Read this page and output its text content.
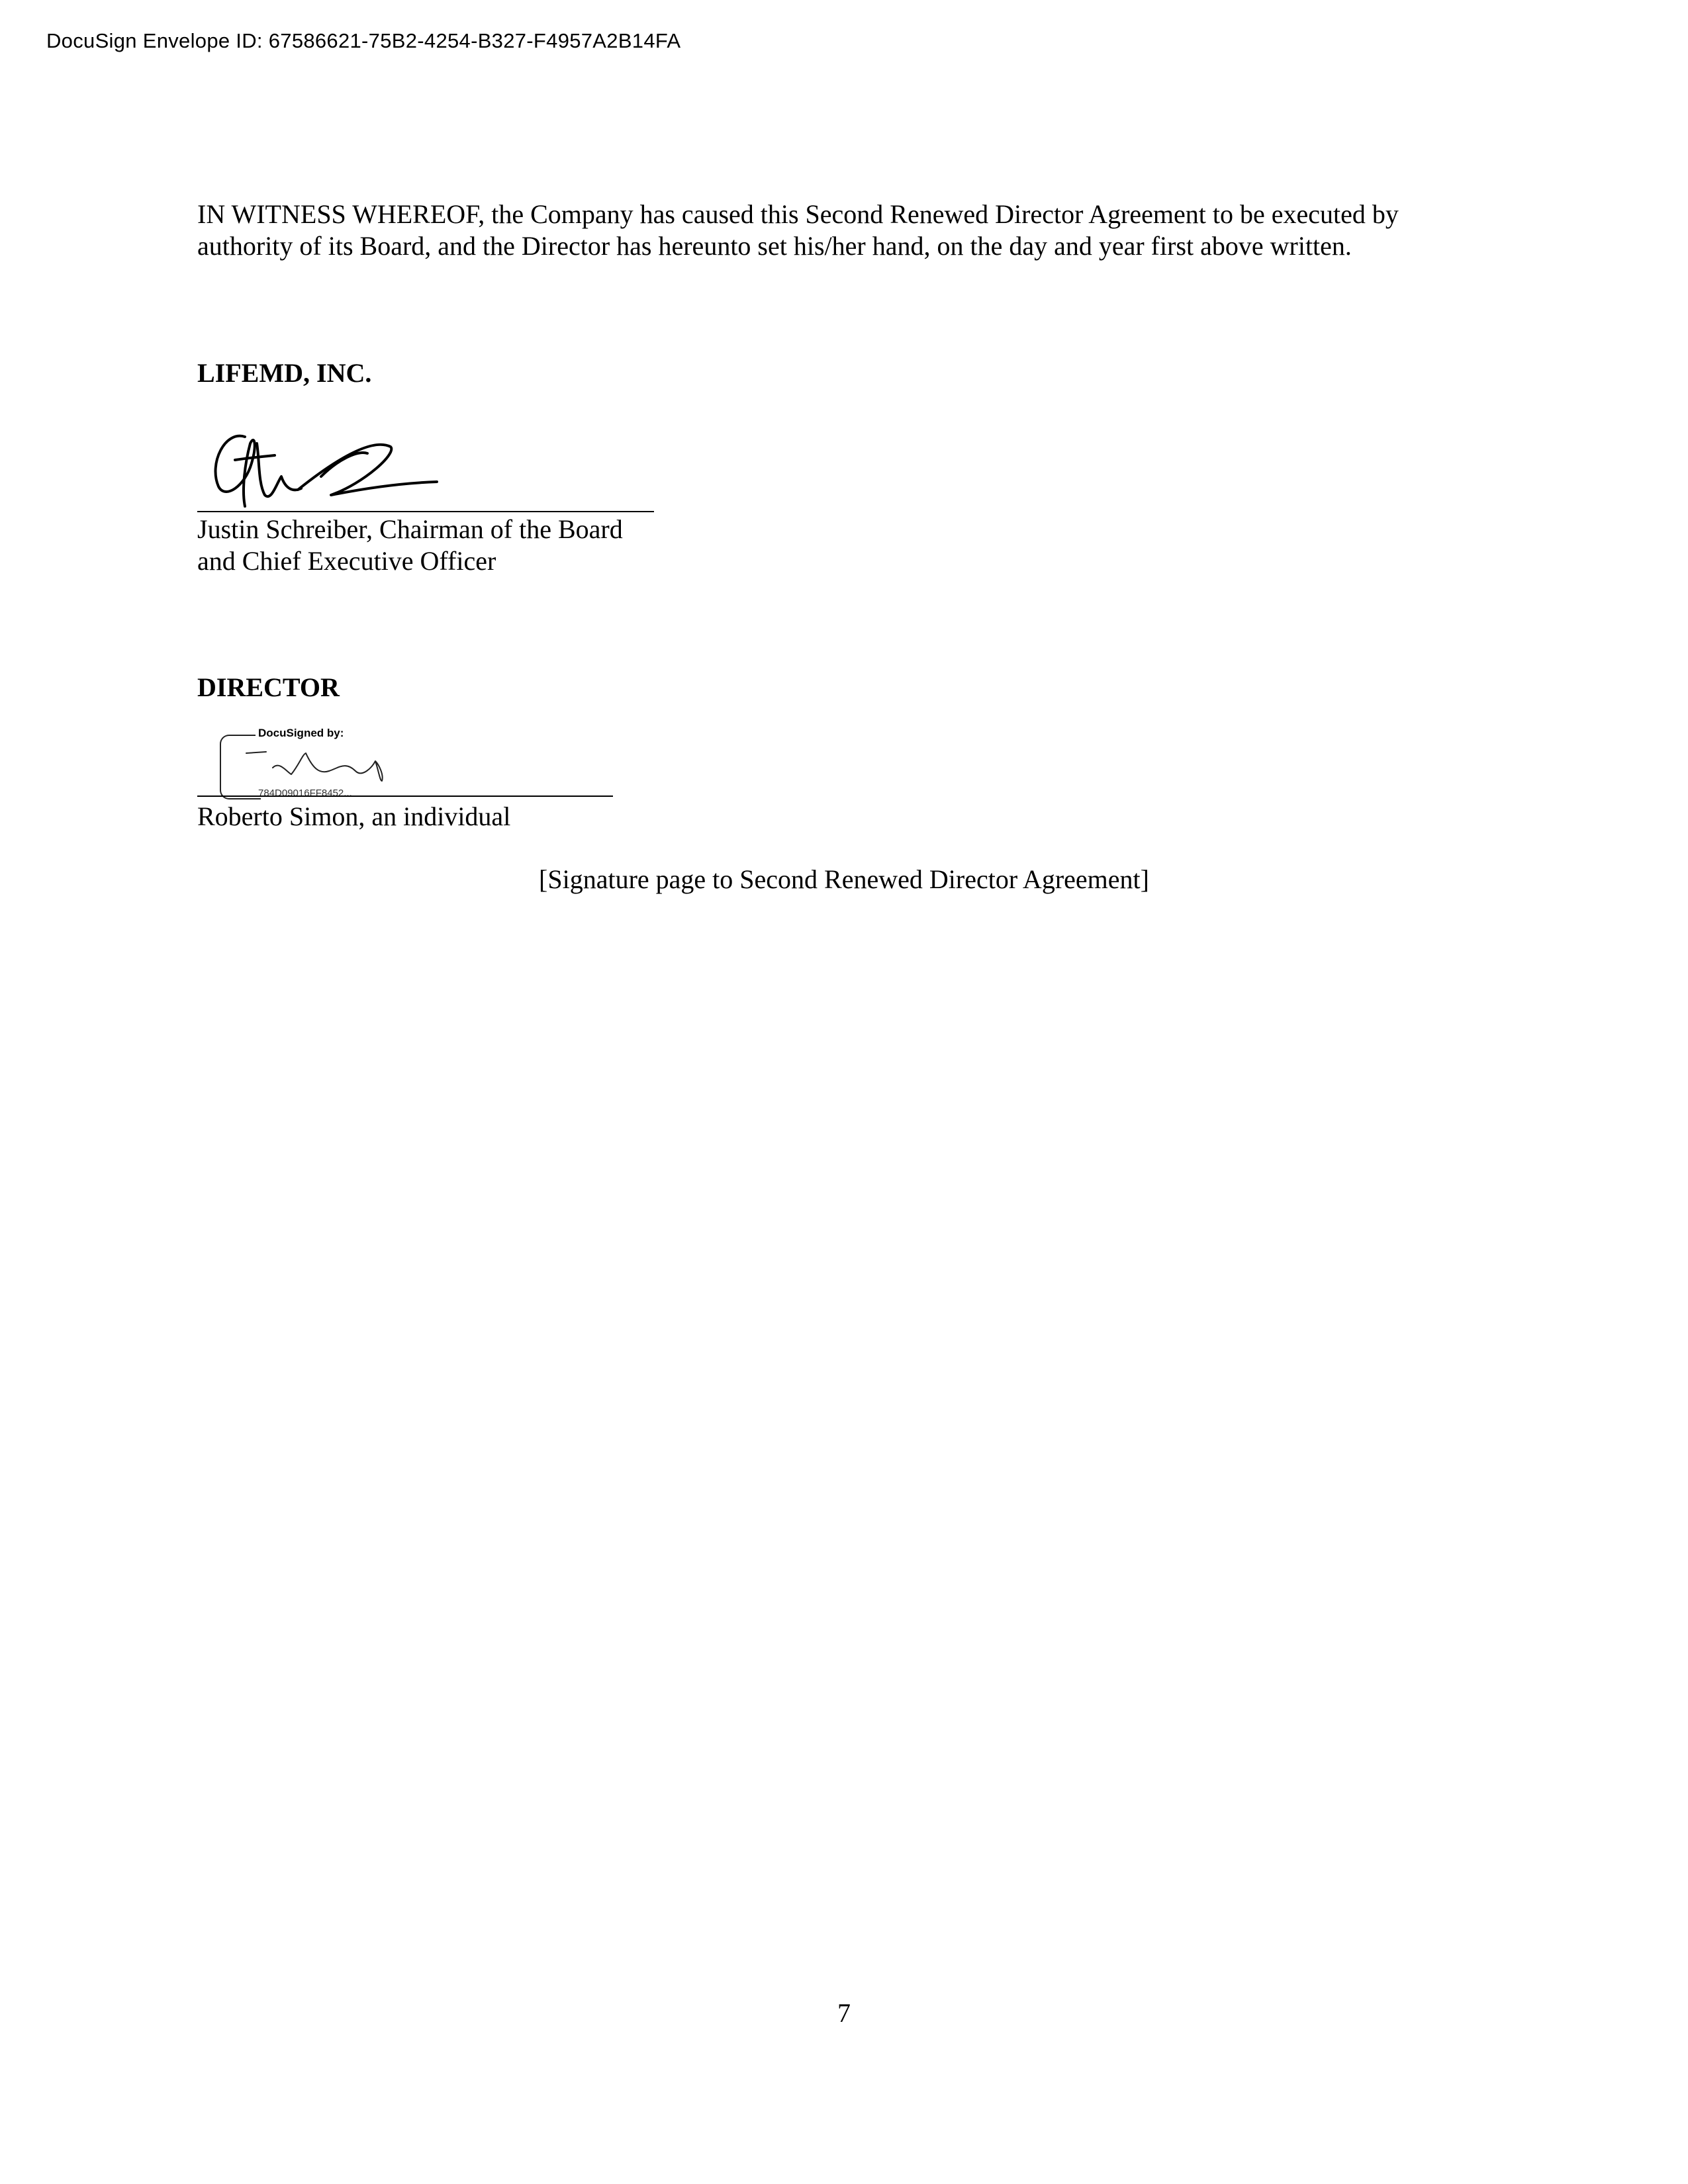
DocuSign Envelope ID: 67586621-75B2-4254-B327-F4957A2B14FA
IN WITNESS WHEREOF, the Company has caused this Second Renewed Director Agreement to be executed by
authority of its Board, and the Director has hereunto set his/her hand, on the day and year first above written.
LIFEMD, INC.
Justin Schreiber, Chairman of the Board
and Chief Executive Officer
DIRECTOR
DocuSigned by:
784D09016FF8452...
Roberto Simon, an individual
[Signature page to Second Renewed Director Agreement]
7
